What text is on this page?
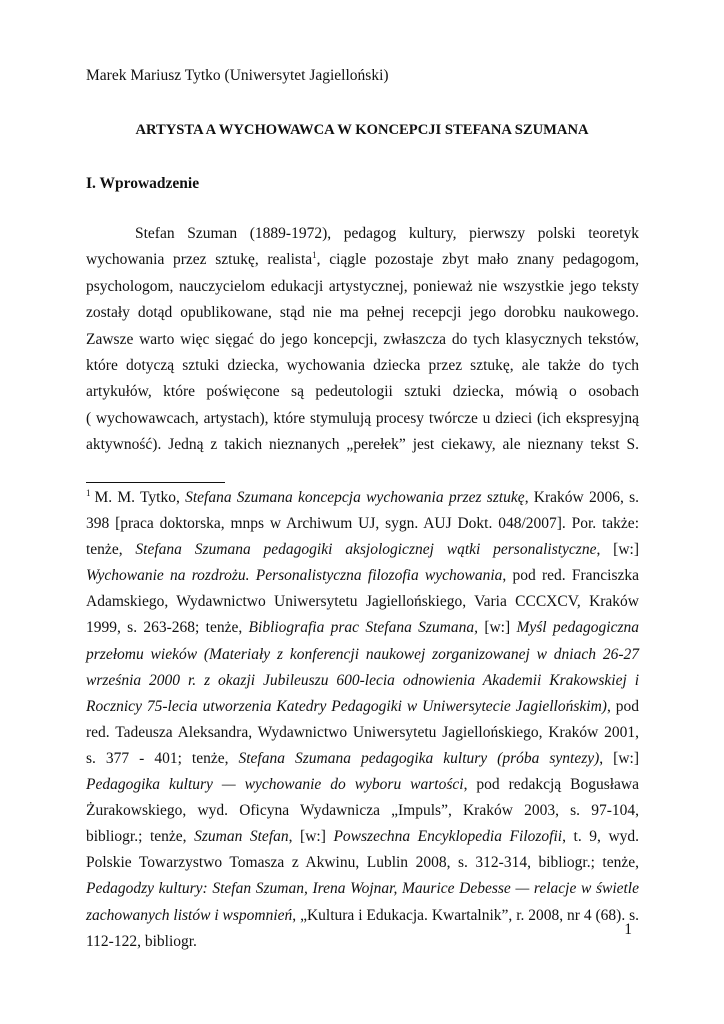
Marek Mariusz Tytko (Uniwersytet Jagielloński)
ARTYSTA A WYCHOWAWCA W KONCEPCJI STEFANA SZUMANA
I. Wprowadzenie
Stefan Szuman (1889-1972), pedagog kultury, pierwszy polski teoretyk
wychowania przez sztukę, realista$^1$, ciągle pozostaje zbyt mało znany pedagogom,
psychologom, nauczycielom edukacji artystycznej, ponieważ nie wszystkie jego teksty
zostały dotąd opublikowane, stąd nie ma pełnej recepcji jego dorobku naukowego.
Zawsze warto więc sięgać do jego koncepcji, zwłaszcza do tych klasycznych tekstów,
które dotyczą sztuki dziecka, wychowania dziecka przez sztukę, ale także do tych
artykułów, które poświęcone są pedeutologii sztuki dziecka, mówią o osobach
( wychowawcach, artystach), które stymulują procesy twórcze u dzieci (ich ekspresyjną
aktywność). Jedną z takich nieznanych „perełek” jest ciekawy, ale nieznany tekst S.
$^1$ M. M. Tytko, Stefana Szumana koncepcja wychowania przez sztukę, Kraków 2006, s. 398 [praca doktorska, mnps w Archiwum UJ, sygn. AUJ Dokt. 048/2007]. Por. także: tenże, Stefana Szumana pedagogiki aksjologicznej wątki personalistyczne, [w:] Wychowanie na rozdrożu. Personalistyczna filozofia wychowania, pod red. Franciszka Adamskiego, Wydawnictwo Uniwersytetu Jagiellońskiego, Varia CCCXCV, Kraków 1999, s. 263-268; tenże, Bibliografia prac Stefana Szumana, [w:] Myśl pedagogiczna przełomu wieków (Materiały z konferencji naukowej zorganizowanej w dniach 26-27 września 2000 r. z okazji Jubileuszu 600-lecia odnowienia Akademii Krakowskiej i Rocznicy 75-lecia utworzenia Katedry Pedagogiki w Uniwersytecie Jagiellońskim), pod red. Tadeusza Aleksandra, Wydawnictwo Uniwersytetu Jagiellońskiego, Kraków 2001, s. 377 - 401; tenże, Stefana Szumana pedagogika kultury (próba syntezy), [w:] Pedagogika kultury — wychowanie do wyboru wartości, pod redakcją Bogusława Żurakowskiego, wyd. Oficyna Wydawnicza „Impuls”, Kraków 2003, s. 97-104, bibliogr.; tenże, Szuman Stefan, [w:] Powszechna Encyklopedia Filozofii, t. 9, wyd. Polskie Towarzystwo Tomasza z Akwinu, Lublin 2008, s. 312-314, bibliogr.; tenże, Pedagodzy kultury: Stefan Szuman, Irena Wojnar, Maurice Debesse — relacje w świetle zachowanych listów i wspomnień, „Kultura i Edukacja. Kwartalnik”, r. 2008, nr 4 (68). s. 112-122, bibliogr.
1
